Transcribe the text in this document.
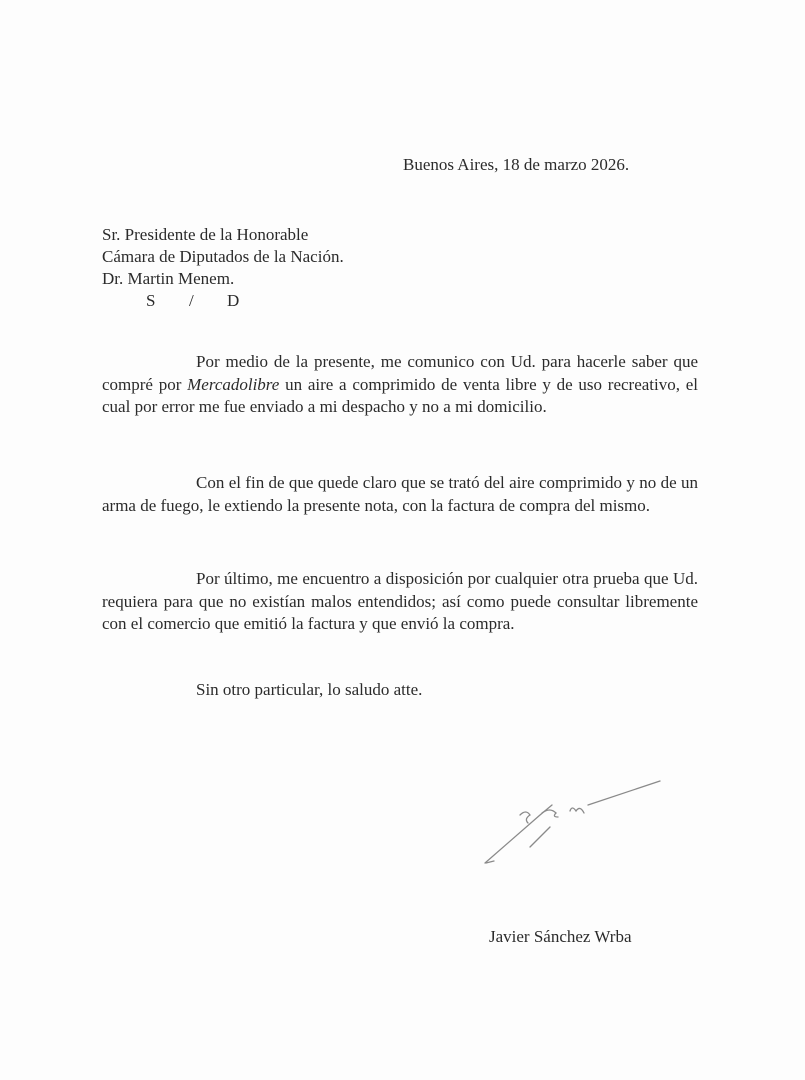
Buenos Aires, 18 de marzo 2026.
Sr. Presidente de la Honorable
Cámara de Diputados de la Nación.
Dr. Martin Menem.
S / D

Por medio de la presente, me comunico con Ud. para hacerle saber que compré por Mercadolibre un aire a comprimido de venta libre y de uso recreativo, el cual por error me fue enviado a mi despacho y no a mi domicilio.

Con el fin de que quede claro que se trató del aire comprimido y no de un arma de fuego, le extiendo la presente nota, con la factura de compra del mismo.

Por último, me encuentro a disposición por cualquier otra prueba que Ud. requiera para que no existían malos entendidos; así como puede consultar libremente con el comercio que emitió la factura y que envió la compra.

Sin otro particular, lo saludo atte.

Javier Sánchez Wrba
